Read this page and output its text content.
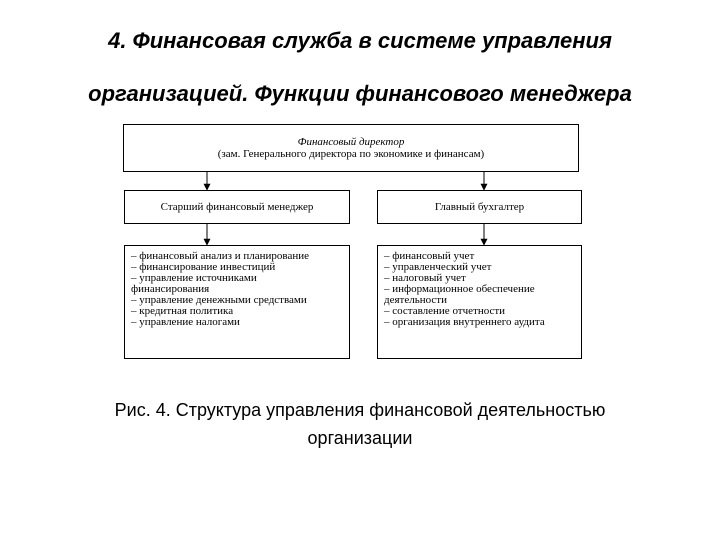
4. Финансовая служба в системе управления
организацией. Функции финансового менеджера
Финансовый директор
(зам. Генерального директора по экономике и финансам)
Старший финансовый менеджер	Главный бухгалтер
– финансовый анализ и планирование
– финансирование инвестиций
– управление источниками
финансирования
– управление денежными средствами
– кредитная политика
– управление налогами
– финансовый учет
– управленческий учет
– налоговый учет
– информационное обеспечение
деятельности
– составление отчетности
– организация внутреннего аудита
Рис. 4. Структура управления финансовой деятельностью
организации
